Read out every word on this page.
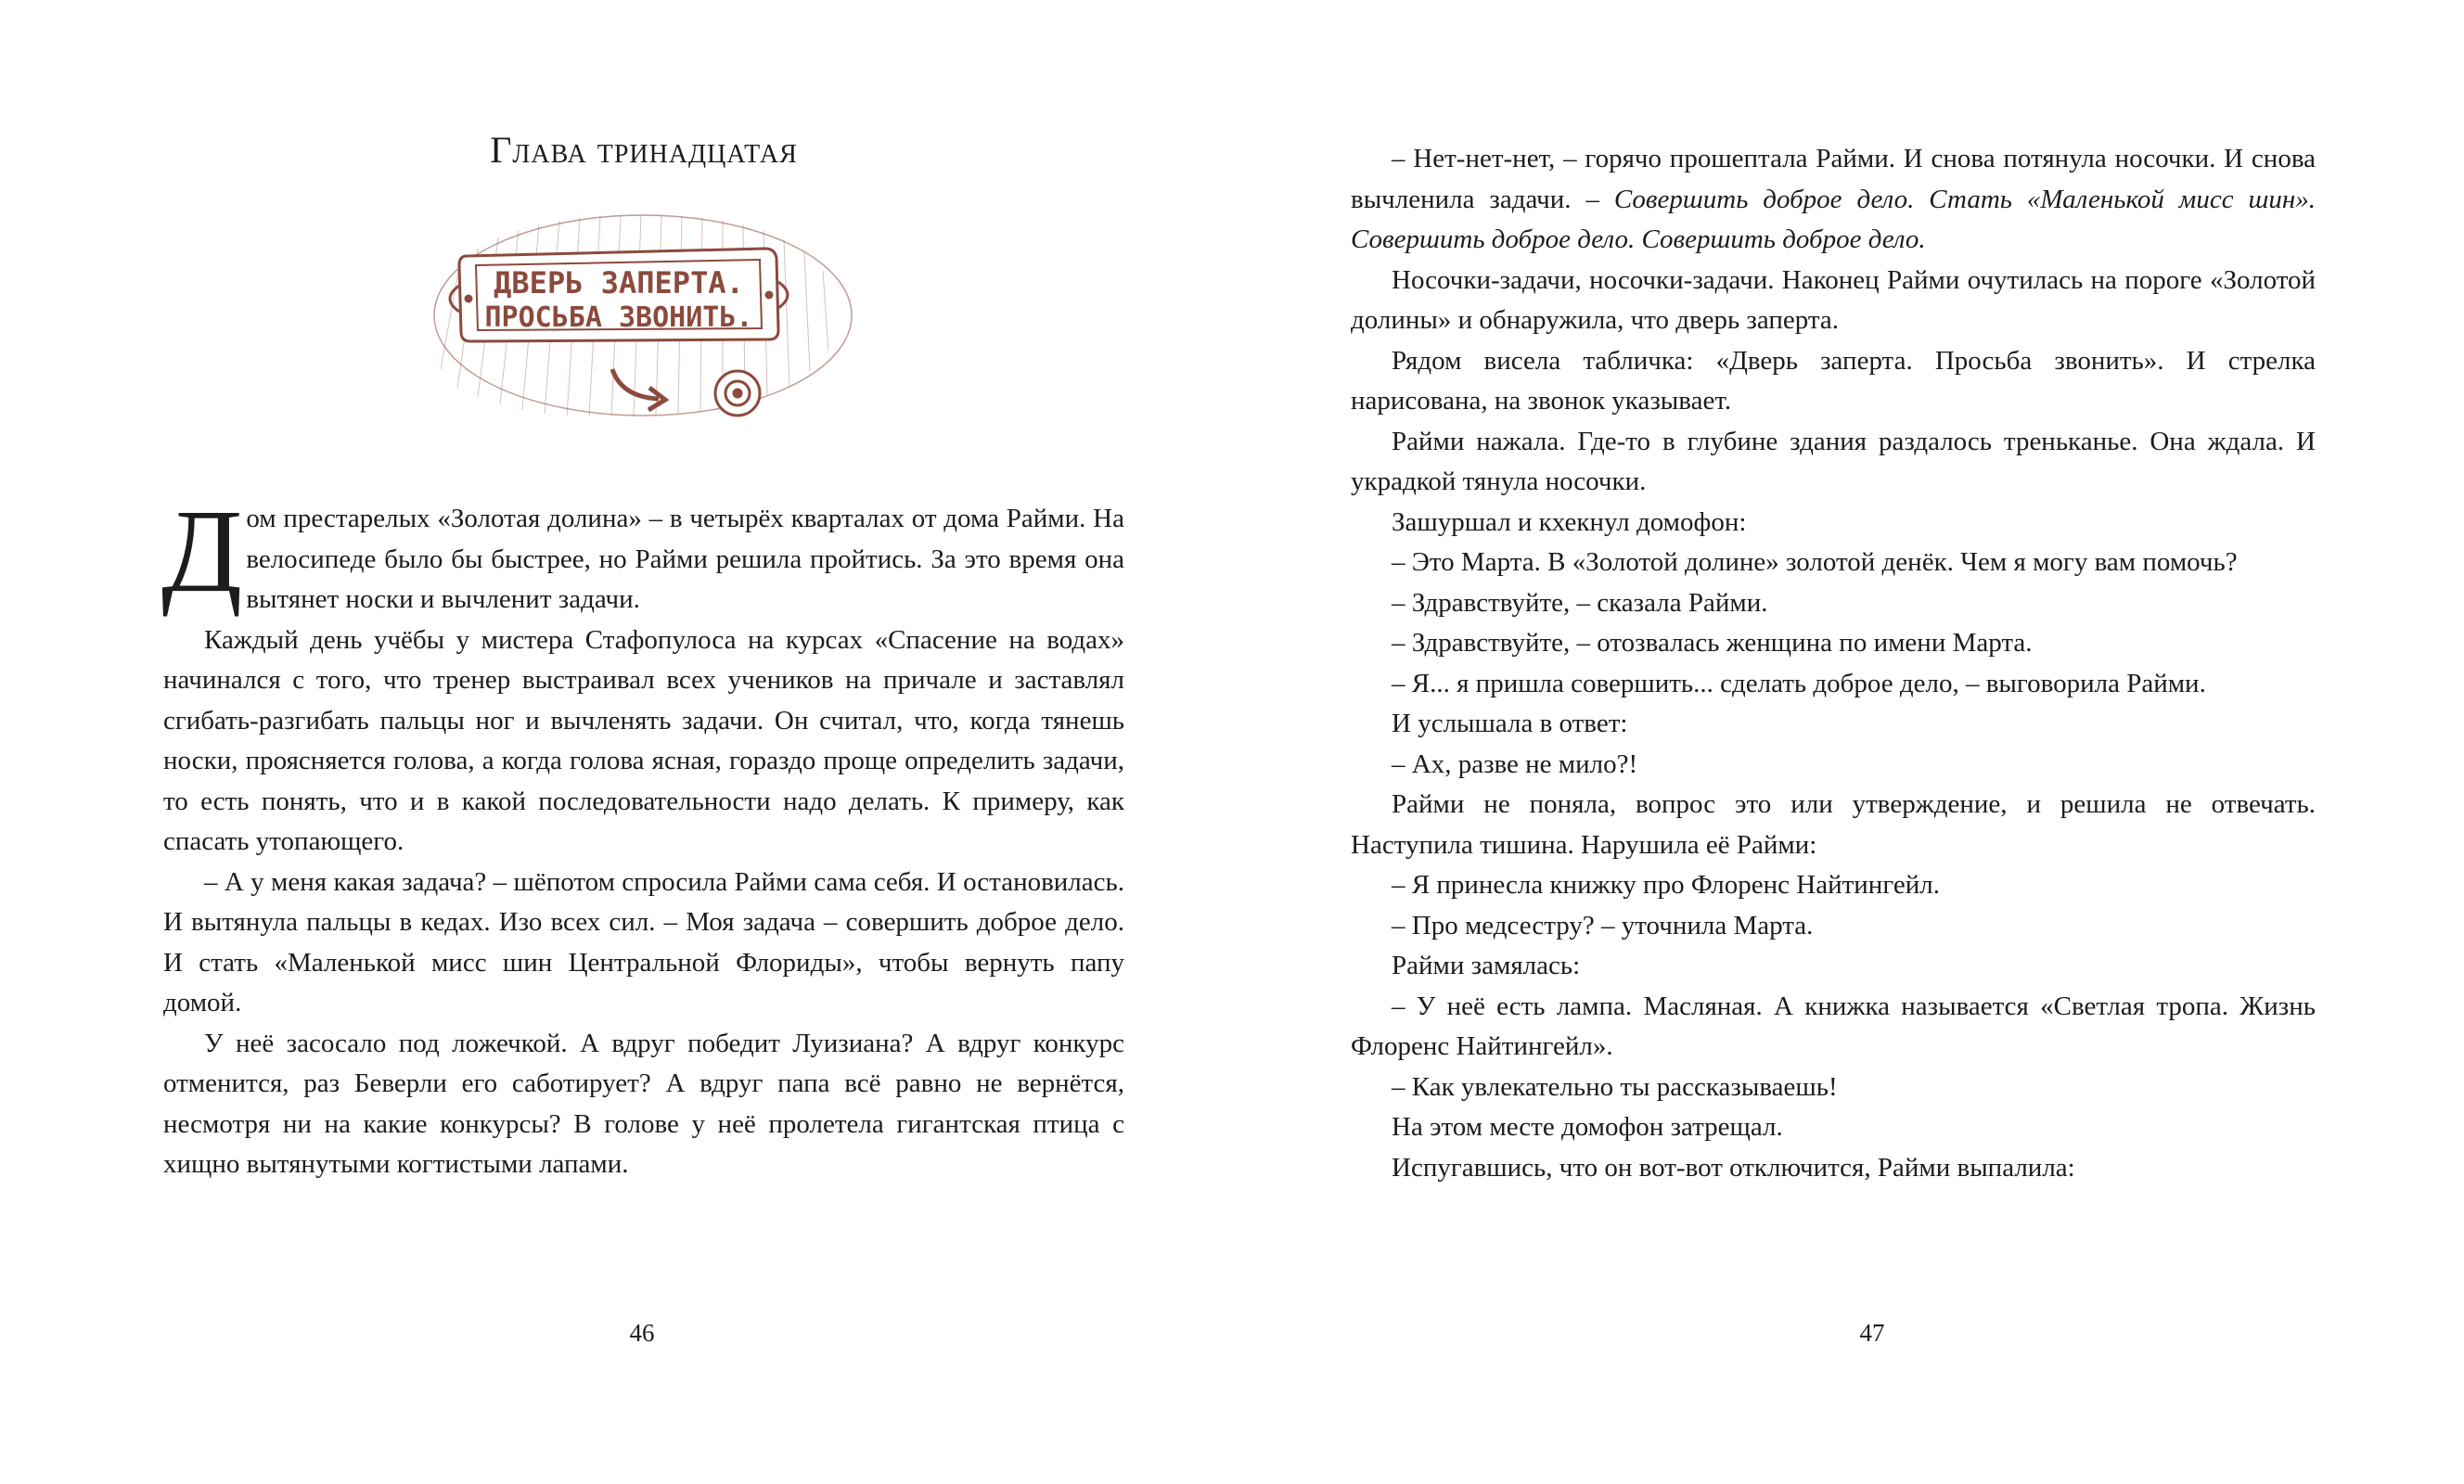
Глава тринадцатая
ДВЕРЬ ЗАПЕРТА.
ПРОСЬБА ЗВОНИТЬ.

Дом престарелых «Золотая долина» – в четырёх кварталах от дома Райми. На велосипеде было бы быстрее, но Райми решила пройтись. За это время она вытянет носки и вычленит задачи.

Каждый день учёбы у мистера Стафопулоса на курсах «Спасение на водах» начинался с того, что тренер выстраивал всех учеников на причале и заставлял сгибать-разгибать пальцы ног и вычленять задачи. Он считал, что, когда тянешь носки, проясняется голова, а когда голова ясная, гораздо проще определить задачи, то есть понять, что и в какой последовательности надо делать. К примеру, как спасать утопающего.

– А у меня какая задача? – шёпотом спросила Райми сама себя. И остановилась. И вытянула пальцы в кедах. Изо всех сил. – Моя задача – совершить доброе дело. И стать «Маленькой мисс шин Центральной Флориды», чтобы вернуть папу домой.

У неё засосало под ложечкой. А вдруг победит Луизиана? А вдруг конкурс отменится, раз Беверли его саботирует? А вдруг папа всё равно не вернётся, несмотря ни на какие конкурсы? В голове у неё пролетела гигантская птица с хищно вытянутыми когтистыми лапами.

46

– Нет-нет-нет, – горячо прошептала Райми. И снова потянула носочки. И снова вычленила задачи. – Совершить доброе дело. Стать «Маленькой мисс шин». Совершить доброе дело. Совершить доброе дело.

Носочки-задачи, носочки-задачи. Наконец Райми очутилась на пороге «Золотой долины» и обнаружила, что дверь заперта.

Рядом висела табличка: «Дверь заперта. Просьба звонить». И стрелка нарисована, на звонок указывает.

Райми нажала. Где-то в глубине здания раздалось треньканье. Она ждала. И украдкой тянула носочки.

Зашуршал и кхекнул домофон:

– Это Марта. В «Золотой долине» золотой денёк. Чем я могу вам помочь?

– Здравствуйте, – сказала Райми.

– Здравствуйте, – отозвалась женщина по имени Марта.

– Я... я пришла совершить... сделать доброе дело, – выговорила Райми.

И услышала в ответ:

– Ах, разве не мило?!

Райми не поняла, вопрос это или утверждение, и решила не отвечать. Наступила тишина. Нарушила её Райми:

– Я принесла книжку про Флоренс Найтингейл.

– Про медсестру? – уточнила Марта.

Райми замялась:

– У неё есть лампа. Масляная. А книжка называется «Светлая тропа. Жизнь Флоренс Найтингейл».

– Как увлекательно ты рассказываешь!

На этом месте домофон затрещал.

Испугавшись, что он вот-вот отключится, Райми выпалила:

47
